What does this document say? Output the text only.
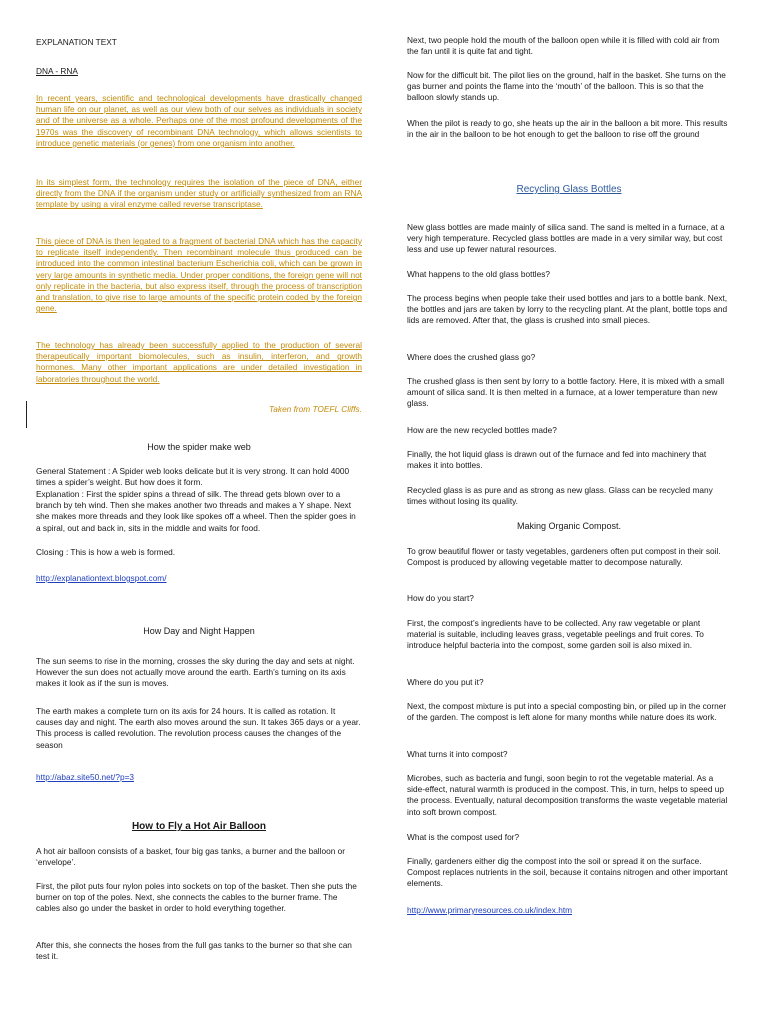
EXPLANATION TEXT

DNA - RNA

In recent years, scientific and technological developments have drastically changed human life on our planet, as well as our view both of our selves as individuals in society and of the universe as a whole. Perhaps one of the most profound developments of the 1970s was the discovery of recombinant DNA technology, which allows scientists to introduce genetic materials (or genes) from one organism into another.

In its simplest form, the technology requires the isolation of the piece of DNA, either directly from the DNA if the organism under study or artificially synthesized from an RNA template by using a viral enzyme called reverse transcriptase.

This piece of DNA is then legated to a fragment of bacterial DNA which has the capacity to replicate itself independently. Then recombinant molecule thus produced can be introduced into the common intestinal bacterium Escherichia coli, which can be grown in very large amounts in synthetic media. Under proper conditions, the foreign gene will not only replicate in the bacteria, but also express itself, through the process of transcription and translation, to give rise to large amounts of the specific protein coded by the foreign gene.

The technology has already been successfully applied to the production of several therapeutically important biomolecules, such as insulin, interferon, and growth hormones. Many other important applications are under detailed investigation in laboratories throughout the world.

Taken from TOEFL Cliffs.

How the spider make web

General Statement : A Spider web looks delicate but it is very strong. It can hold 4000 times a spider’s weight. But how does it form.

Explanation : First the spider spins a thread of silk. The thread gets blown over to a branch by teh wind. Then she makes another two threads and makes a Y shape. Next she makes more threads and they look like spokes off a wheel. Then the spider goes in a spiral, out and back in, sits in the middle and waits for food.

Closing : This is how a web is formed.

http://explanationtext.blogspot.com/

How Day and Night Happen

The sun seems to rise in the morning, crosses the sky during the day and sets at night. However the sun does not actually move around the earth. Earth’s turning on its axis makes it look as if the sun is moves.

The earth makes a complete turn on its axis for 24 hours. It is called as rotation. It causes day and night. The earth also moves around the sun. It takes 365 days or a year. This process is called revolution. The revolution process causes the changes of the season

http://abaz.site50.net/?p=3

How to Fly a Hot Air Balloon

A hot air balloon consists of a basket, four big gas tanks, a burner and the balloon or ‘envelope’.

First, the pilot puts four nylon poles into sockets on top of the basket. Then she puts the burner on top of the poles. Next, she connects the cables to the burner frame. The cables also go under the basket in order to hold everything together.

After this, she connects the hoses from the full gas tanks to the burner so that she can test it.

Next, two people hold the mouth of the balloon open while it is filled with cold air from the fan until it is quite fat and tight.

Now for the difficult bit. The pilot lies on the ground, half in the basket. She turns on the gas burner and points the flame into the ‘mouth’ of the balloon. This is so that the balloon slowly stands up.

When the pilot is ready to go, she heats up the air in the balloon a bit more. This results in the air in the balloon to be hot enough to get the balloon to rise off the ground

Recycling Glass Bottles

New glass bottles are made mainly of silica sand. The sand is melted in a furnace, at a very high temperature. Recycled glass bottles are made in a very similar way, but cost less and use up fewer natural resources.

What happens to the old glass bottles?

The process begins when people take their used bottles and jars to a bottle bank. Next, the bottles and jars are taken by lorry to the recycling plant. At the plant, bottle tops and lids are removed. After that, the glass is crushed into small pieces.

Where does the crushed glass go?

The crushed glass is then sent by lorry to a bottle factory. Here, it is mixed with a small amount of silica sand. It is then melted in a furnace, at a lower temperature than new glass.

How are the new recycled bottles made?

Finally, the hot liquid glass is drawn out of the furnace and fed into machinery that makes it into bottles.

Recycled glass is as pure and as strong as new glass. Glass can be recycled many times without losing its quality.

Making Organic Compost.

To grow beautiful flower or tasty vegetables, gardeners often put compost in their soil. Compost is produced by allowing vegetable matter to decompose naturally.

How do you start?

First, the compost’s ingredients have to be collected. Any raw vegetable or plant material is suitable, including leaves grass, vegetable peelings and fruit cores. To introduce helpful bacteria into the compost, some garden soil is also mixed in.

Where do you put it?

Next, the compost mixture is put into a special composting bin, or piled up in the corner of the garden. The compost is left alone for many months while nature does its work.

What turns it into compost?

Microbes, such as bacteria and fungi, soon begin to rot the vegetable material. As a side-effect, natural warmth is produced in the compost. This, in turn, helps to speed up the process. Eventually, natural decomposition transforms the waste vegetable material into soft brown compost.

What is the compost used for?

Finally, gardeners either dig the compost into the soil or spread it on the surface. Compost replaces nutrients in the soil, because it contains nitrogen and other important elements.

http://www.primaryresources.co.uk/index.htm
